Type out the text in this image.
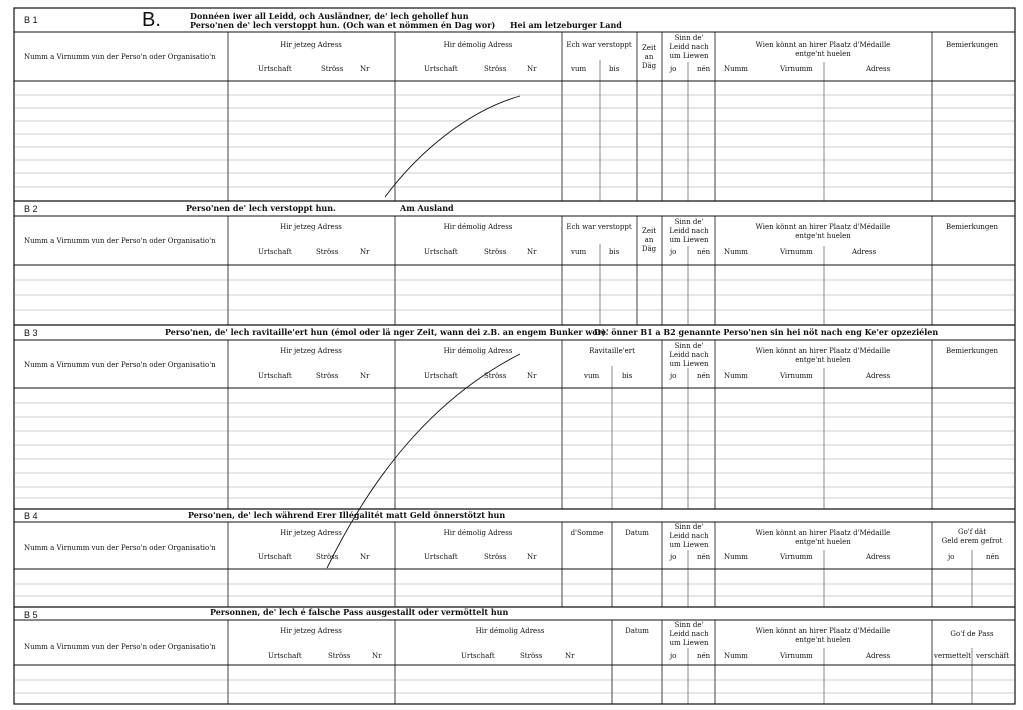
B 1	B.	Donnéen iwer all Leidd, och Ausländner, de' lech gehollef hun
Perso'nen de' lech verstoppt hun. (Och wan et nömmen én Dag wor) Hei am letzeburger Land
Numm a Virnumm vun der Perso'n oder Organisatio'n
Hir jetzeg Adress
Urtschaft	Ströss Nr
Hir démolig Adress
Urtschaft	Ströss	Nr
Ech war verstoppt
vum	bis
Zeit
an
Däg
Sinn de'
Leidd nach
um Liewen
jo	nén
Wien könnt an hirer Plaatz d'Médaille
entge'nt huelen
Numm	Virnumm	Adress
Bemierkungen
B 2	Perso'nen de' lech verstoppt hun.	Am Ausland
Numm a Virnumm vun der Perso'n oder Organisatio'n
Hir jetzeg Adress
Urtschaft	Ströss	Nr
Hir démolig Adress
Urtschaft	Ströss	Nr
Ech war verstoppt
vum	bis
Zeit
an
Däg
Sinn de'
Leidd nach
um Liewen
jo	nén
Wien könnt an hirer Plaatz d'Médaille
entge'nt huelen
Numm	Virnumm	Adress
Bemierkungen
B 3	Perso'nen, de' lech ravitaille'ert hun (émol oder lä nger Zeit, wann dei z.B. an engem Bunker wor).
De' önner B1 a B2 genannte Perso'nen sin hei nöt nach eng Ke'er opzeziélen
Numm a Virnumm vun der Perso'n oder Organisatio'n
Hir jetzeg Adress
Urtschaft	Ströss	Nr
Hir démolig Adress
Urtschaft	Ströss	Nr
Ravitaille'ert
vum	bis
Sinn de'
Leidd nach
um Liewen
jo	nén
Wien könnt an hirer Plaatz d'Médaille
entge'nt huelen
Numm	Virnumm	Adress
Bemierkungen
B 4	Perso'nen, de' lech während Erer Illégalitét matt Geld önnerstötzt hun
Numm a Virnumm vun der Perso'n oder Organisatio'n
Hir jetzeg Adress
Urtschaft	Ströss	Nr
Hir démolig Adress
Urtschaft	Ströss	Nr
d'Somme	Datum
Sinn de'
Leidd nach
um Liewen
jo	nén
Wien könnt an hirer Plaatz d'Médaille
entge'nt huelen
Numm	Virnumm	Adress
Go'f dät
Geld erem gefrot
jo	nén
B 5	Personnen, de' lech é falsche Pass ausgestallt oder vermöttelt hun
Numm a Virnumm vun der Perso'n oder Organisatio'n
Hir jetzeg Adress
Urtschaft	Ströss	Nr
Hir démolig Adress
Urtschaft	Ströss	Nr
Datum
Sinn de'
Leidd nach
um Liewen
jo	nén
Wien könnt an hirer Plaatz d'Médaille
entge'nt huelen
Numm	Virnumm	Adress
Go'f de Pass
vermettelt verschäft
